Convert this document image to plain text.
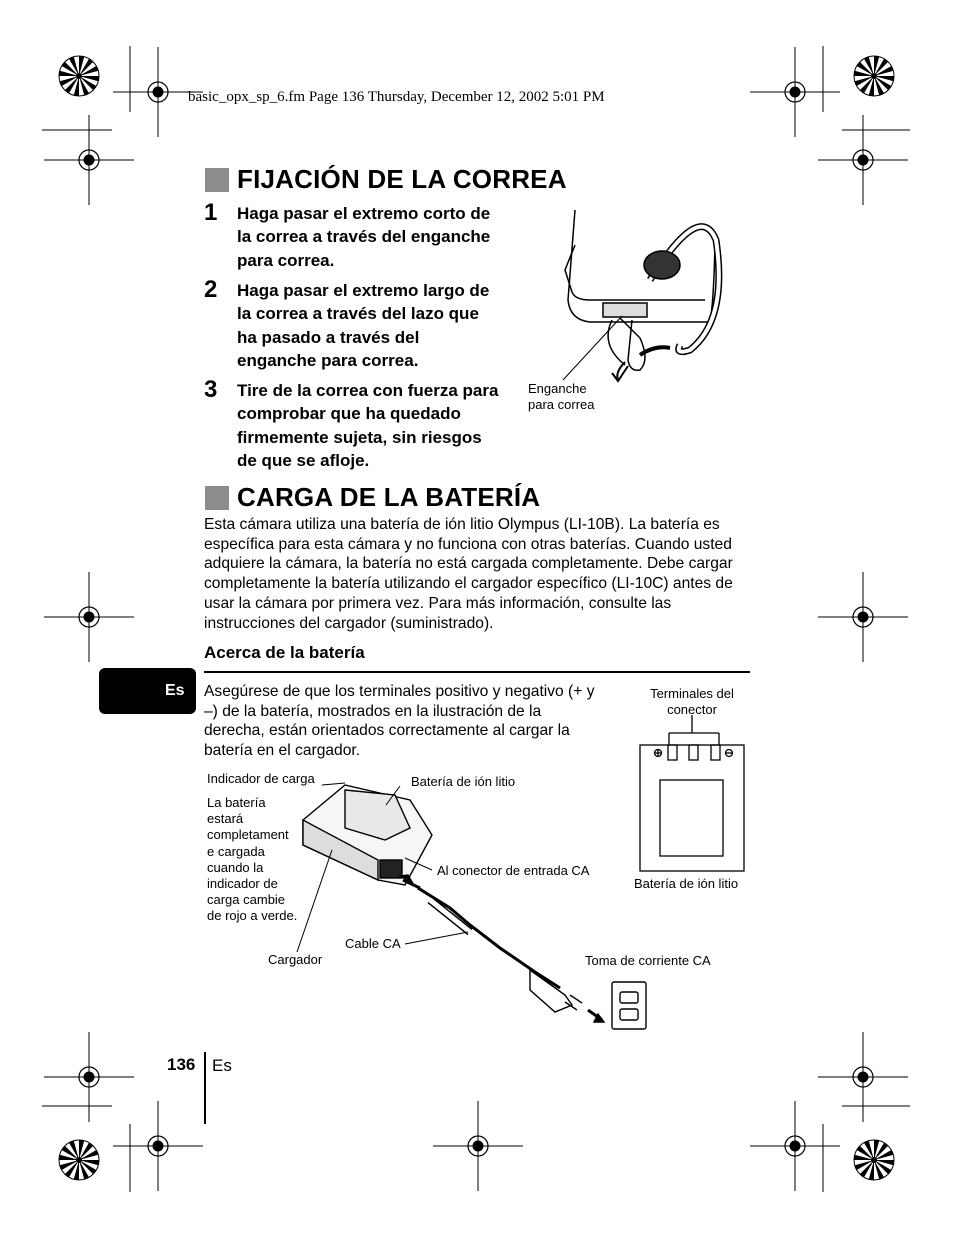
basic_opx_sp_6.fm Page 136 Thursday, December 12, 2002 5:01 PM
FIJACIÓN DE LA CORREA
1 Haga pasar el extremo corto de la correa a través del enganche para correa.
2 Haga pasar el extremo largo de la correa a través del lazo que ha pasado a través del enganche para correa.
3 Tire de la correa con fuerza para comprobar que ha quedado firmemente sujeta, sin riesgos de que se afloje.
Enganche
para correa
CARGA DE LA BATERÍA
Esta cámara utiliza una batería de ión litio Olympus (LI-10B). La batería es específica para esta cámara y no funciona con otras baterías. Cuando usted adquiere la cámara, la batería no está cargada completamente. Debe cargar completamente la batería utilizando el cargador específico (LI-10C) antes de usar la cámara por primera vez. Para más información, consulte las instrucciones del cargador (suministrado).
Acerca de la batería
Es Asegúrese de que los terminales positivo y negativo (+ y –) de la batería, mostrados en la ilustración de la derecha, están orientados correctamente al cargar la batería en el cargador.
Terminales del
conector
Batería de ión litio
Indicador de carga	Batería de ión litio
La batería estará completament e cargada cuando la indicador de carga cambie de rojo a verde.
Al conector de entrada CA
Cable CA
Cargador	Toma de corriente CA
136 Es
